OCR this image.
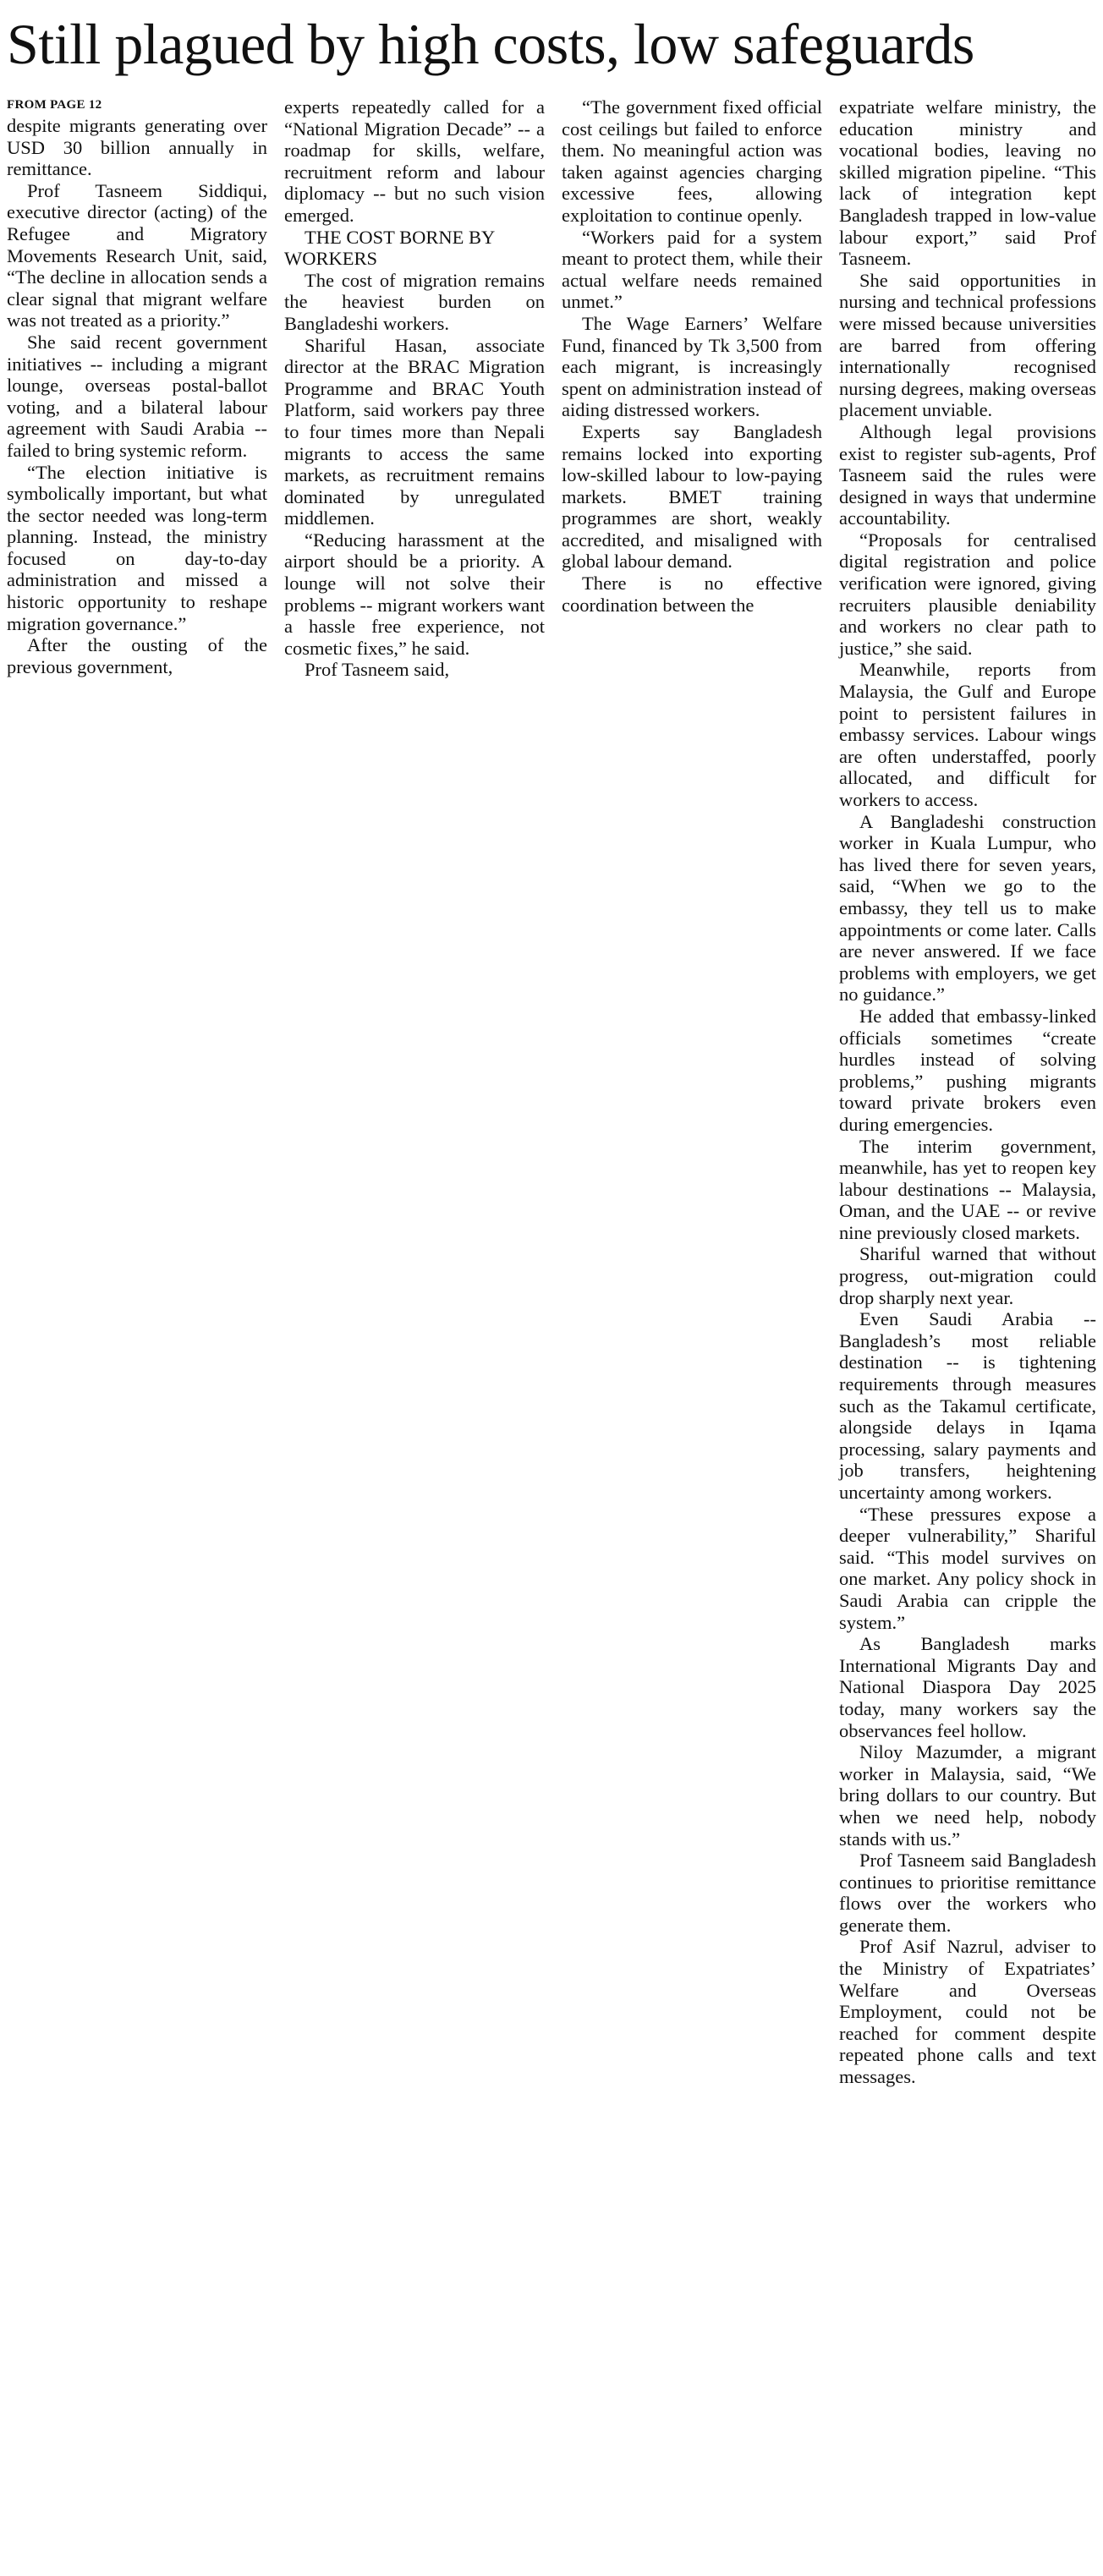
Still plagued by high costs, low safeguards
FROM PAGE 12

despite migrants generating over USD 30 billion annually in remittance.

Prof Tasneem Siddiqui, executive director (acting) of the Refugee and Migratory Movements Research Unit, said, “The decline in allocation sends a clear signal that migrant welfare was not treated as a priority.”

She said recent government initiatives -- including a migrant lounge, overseas postal-ballot voting, and a bilateral labour agreement with Saudi Arabia -- failed to bring systemic reform.

“The election initiative is symbolically important, but what the sector needed was long-term planning. Instead, the ministry focused on day-to-day administration and missed a historic opportunity to reshape migration governance.”

After the ousting of the previous government,

experts repeatedly called for a “National Migration Decade” -- a roadmap for skills, welfare, recruitment reform and labour diplomacy -- but no such vision emerged.

THE COST BORNE BY WORKERS

The cost of migration remains the heaviest burden on Bangladeshi workers.

Shariful Hasan, associate director at the BRAC Migration Programme and BRAC Youth Platform, said workers pay three to four times more than Nepali migrants to access the same markets, as recruitment remains dominated by unregulated middlemen.

“Reducing harassment at the airport should be a priority. A lounge will not solve their problems -- migrant workers want a hassle free experience, not cosmetic fixes,” he said.

Prof Tasneem said,

“The government fixed official cost ceilings but failed to enforce them. No meaningful action was taken against agencies charging excessive fees, allowing exploitation to continue openly.

“Workers paid for a system meant to protect them, while their actual welfare needs remained unmet.”

The Wage Earners’ Welfare Fund, financed by Tk 3,500 from each migrant, is increasingly spent on administration instead of aiding distressed workers.

Experts say Bangladesh remains locked into exporting low-skilled labour to low-paying markets. BMET training programmes are short, weakly accredited, and misaligned with global labour demand.

There is no effective coordination between the

expatriate welfare ministry, the education ministry and vocational bodies, leaving no skilled migration pipeline. “This lack of integration kept Bangladesh trapped in low-value labour export,” said Prof Tasneem.

She said opportunities in nursing and technical professions were missed because universities are barred from offering internationally recognised nursing degrees, making overseas placement unviable.

Although legal provisions exist to register sub-agents, Prof Tasneem said the rules were designed in ways that undermine accountability.

“Proposals for centralised digital registration and police verification were ignored, giving recruiters plausible deniability and workers no clear path to justice,” she said.

Meanwhile, reports from Malaysia, the Gulf and Europe point to persistent failures in embassy services. Labour wings are often understaffed, poorly allocated, and difficult for workers to access.

A Bangladeshi construction worker in Kuala Lumpur, who has lived there for seven years, said, “When we go to the embassy, they tell us to make appointments or come later. Calls are never answered. If we face problems with employers, we get no guidance.”

He added that embassy-linked officials sometimes “create hurdles instead of solving problems,” pushing migrants toward private brokers even during emergencies.

The interim government, meanwhile, has yet to reopen key labour destinations -- Malaysia, Oman, and the UAE -- or revive nine previously closed markets.

Shariful warned that without progress, out-migration could drop sharply next year.

Even Saudi Arabia -- Bangladesh’s most reliable destination -- is tightening requirements through measures such as the Takamul certificate, alongside delays in Iqama processing, salary payments and job transfers, heightening uncertainty among workers.

“These pressures expose a deeper vulnerability,” Shariful said. “This model survives on one market. Any policy shock in Saudi Arabia can cripple the system.”

As Bangladesh marks International Migrants Day and National Diaspora Day 2025 today, many workers say the observances feel hollow.

Niloy Mazumder, a migrant worker in Malaysia, said, “We bring dollars to our country. But when we need help, nobody stands with us.”

Prof Tasneem said Bangladesh continues to prioritise remittance flows over the workers who generate them.

Prof Asif Nazrul, adviser to the Ministry of Expatriates’ Welfare and Overseas Employment, could not be reached for comment despite repeated phone calls and text messages.
